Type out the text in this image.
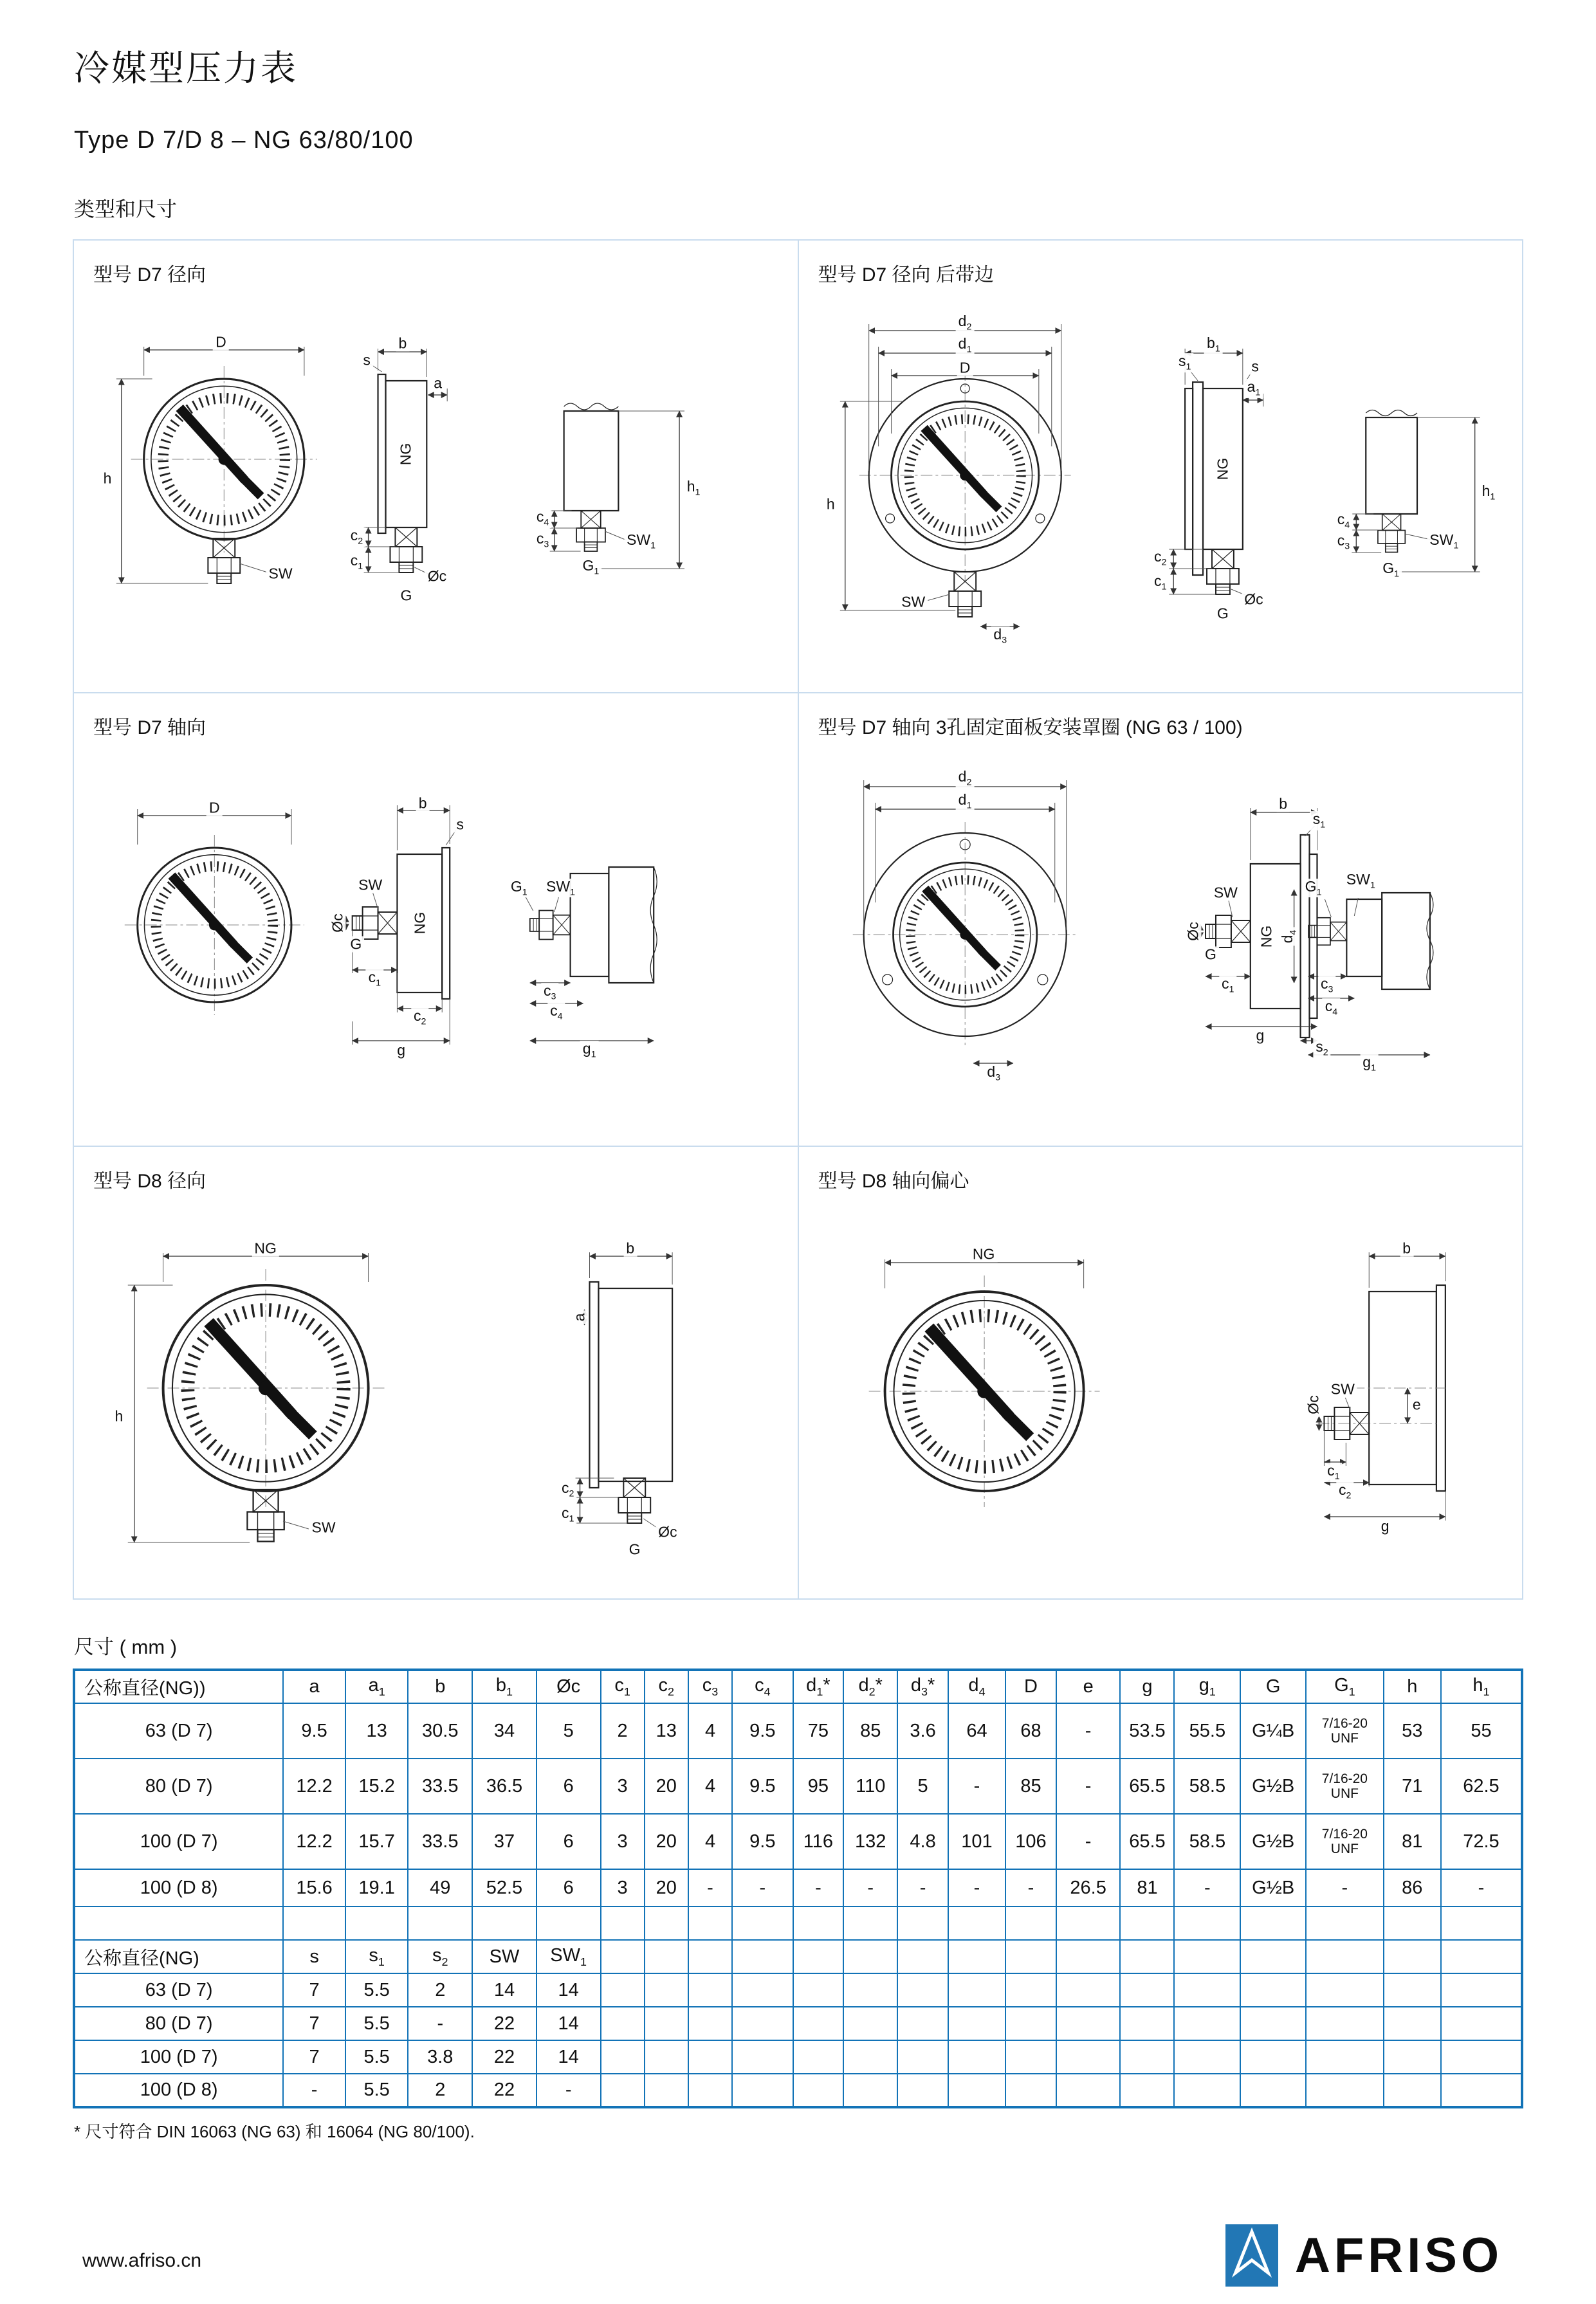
冷媒型压力表
Type D 7/D 8 – NG 63/80/100
类型和尺寸
型号 D7 径向
D	b
s
a
NG
h
SW
$c_2$
$c_1$
Øc
G
$h_1$
$SW_1$
$c_4$
$c_3$
$G_1$
型号 D7 径向 后带边
$d_2$
$d_1$
D
$b_1$
$s_1$	s
$a_1$
NG
h
SW
$d_3$
$c_2$
$c_1$
Øc
G
$h_1$
$SW_1$
$c_4$
$c_3$
$G_1$
型号 D7 轴向
D	b
s
SW
Øc
G
$c_1$
NG
$c_2$
g
$G_1$ $SW_1$
$c_3$
$c_4$
$g_1$
型号 D7 轴向 3孔固定面板安装罩圈 (NG 63 / 100)
$d_2$
$d_1$
$d_3$
b
$s_1$
SW
Øc
G
NG $d_4$
$c_1$
$G_1$
$SW_1$
$c_3$
$c_4$
$s_2$
g
$g_1$
型号 D8 径向
NG
h
SW
b
a
$c_2$
$c_1$
Øc
G
型号 D8 轴向偏心
NG	b
SW
Øc	e
$c_1$
$c_2$
g
尺寸 ( mm )
公称直径(NG))	a	$a_1$	b	$b_1$	Øc	$c_1$	$c_2$	$c_3$	$c_4$	$d_1*$	$d_2*$	$d_3*$	$d_4$	D	e	g	$g_1$	G	$G_1$	h	$h_1$
63 (D 7)	9.5	13	30.5	34	5	2	13	4	9.5	75	85	3.6	64	68	-	53.5	55.5	G¼B	7/16-20 UNF	53	55
80 (D 7)	12.2	15.2	33.5	36.5	6	3	20	4	9.5	95	110	5	-	85	-	65.5	58.5	G½B	7/16-20 UNF	71	62.5
100 (D 7)	12.2	15.7	33.5	37	6	3	20	4	9.5	116	132	4.8	101	106	-	65.5	58.5	G½B	7/16-20 UNF	81	72.5
100 (D 8)	15.6	19.1	49	52.5	6	3	20	-	-	-	-	-	-	-	26.5	81	-	G½B	-	86	-

公称直径(NG)	s	$s_1$	$s_2$	SW	$SW_1$																
63 (D 7)	7	5.5	2	14	14																
80 (D 7)	7	5.5	-	22	14																
100 (D 7)	7	5.5	3.8	22	14																
100 (D 8)	-	5.5	2	22	-																
* 尺寸符合 DIN 16063 (NG 63) 和 16064 (NG 80/100).
www.afriso.cn	AFRISO
